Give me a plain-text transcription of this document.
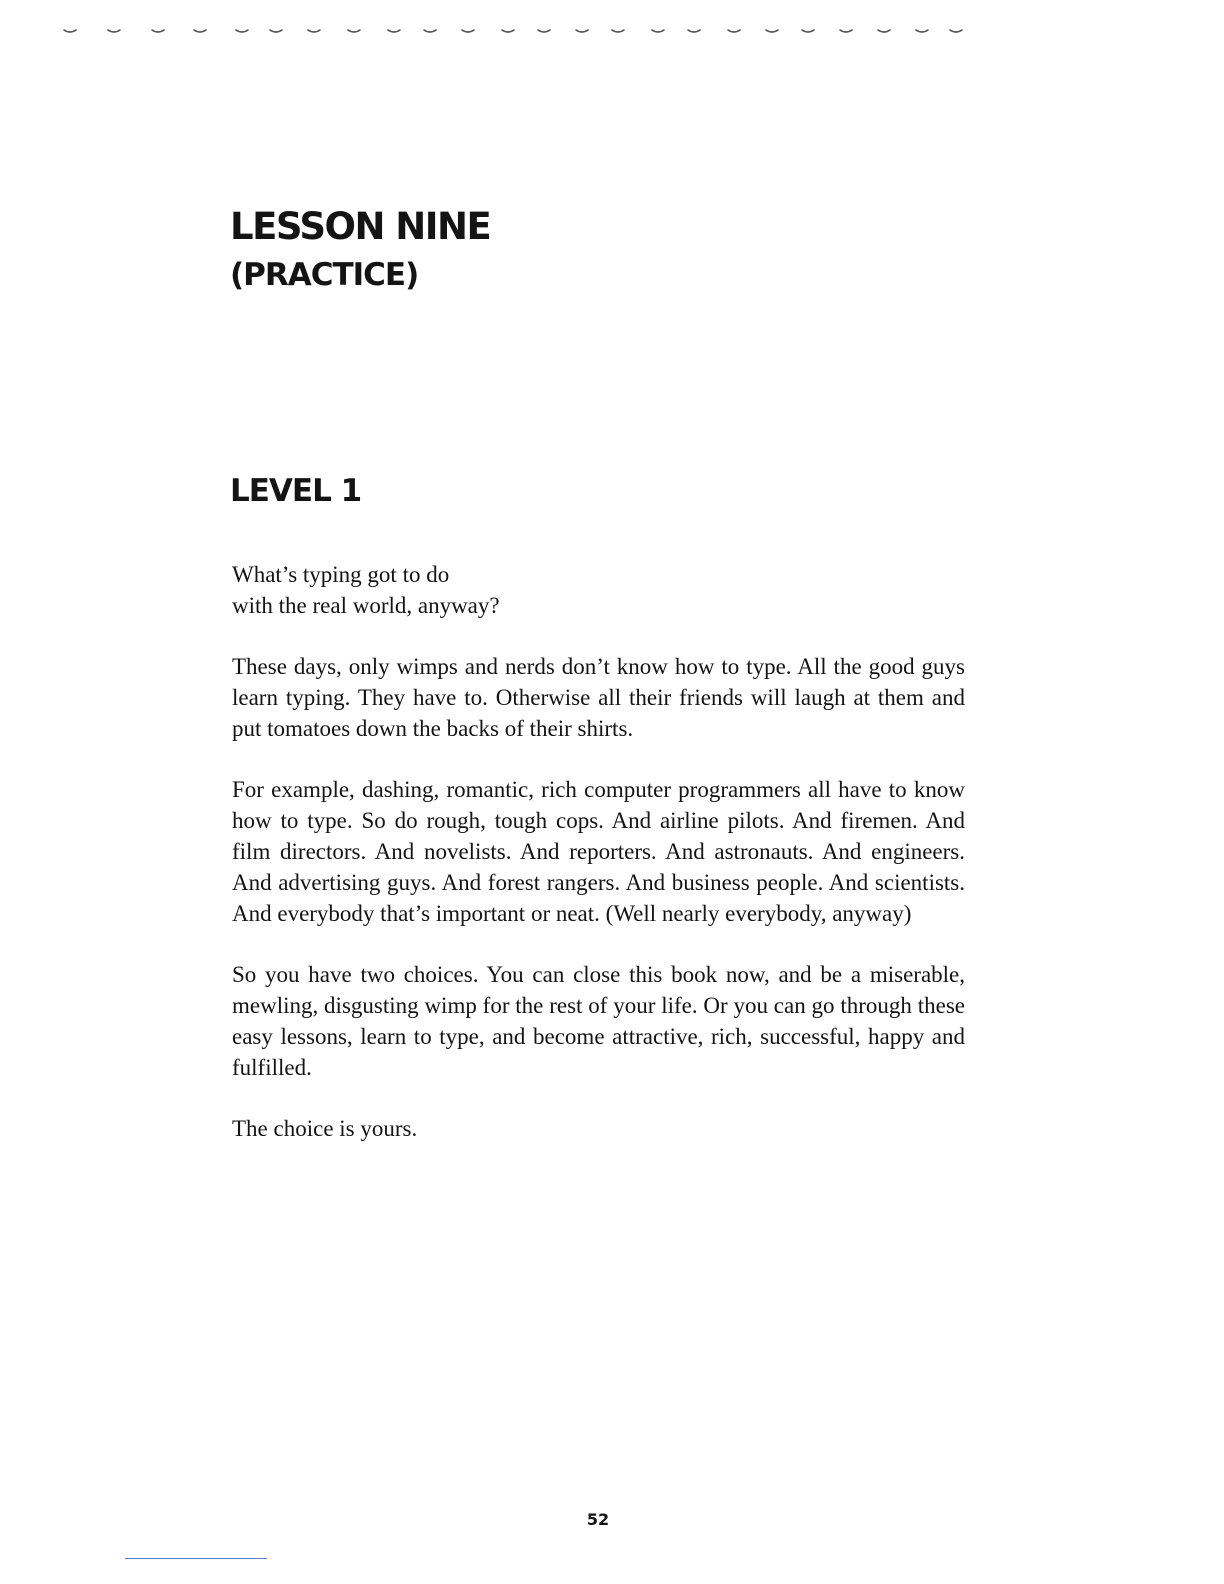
LESSON NINE
(PRACTICE)
LEVEL 1

What’s typing got to do
with the real world, anyway?

These days, only wimps and nerds don’t know how to type. All the good guys learn typing. They have to. Otherwise all their friends will laugh at them and put tomatoes down the backs of their shirts.

For example, dashing, romantic, rich computer programmers all have to know how to type. So do rough, tough cops. And airline pilots. And firemen. And film directors. And novelists. And reporters. And astronauts. And engineers. And advertising guys. And forest rangers. And business people. And scientists. And everybody that’s important or neat. (Well nearly everybody, anyway)

So you have two choices. You can close this book now, and be a miserable, mewling, disgusting wimp for the rest of your life. Or you can go through these easy lessons, learn to type, and become attractive, rich, successful, happy and fulfilled.

The choice is yours.

52
